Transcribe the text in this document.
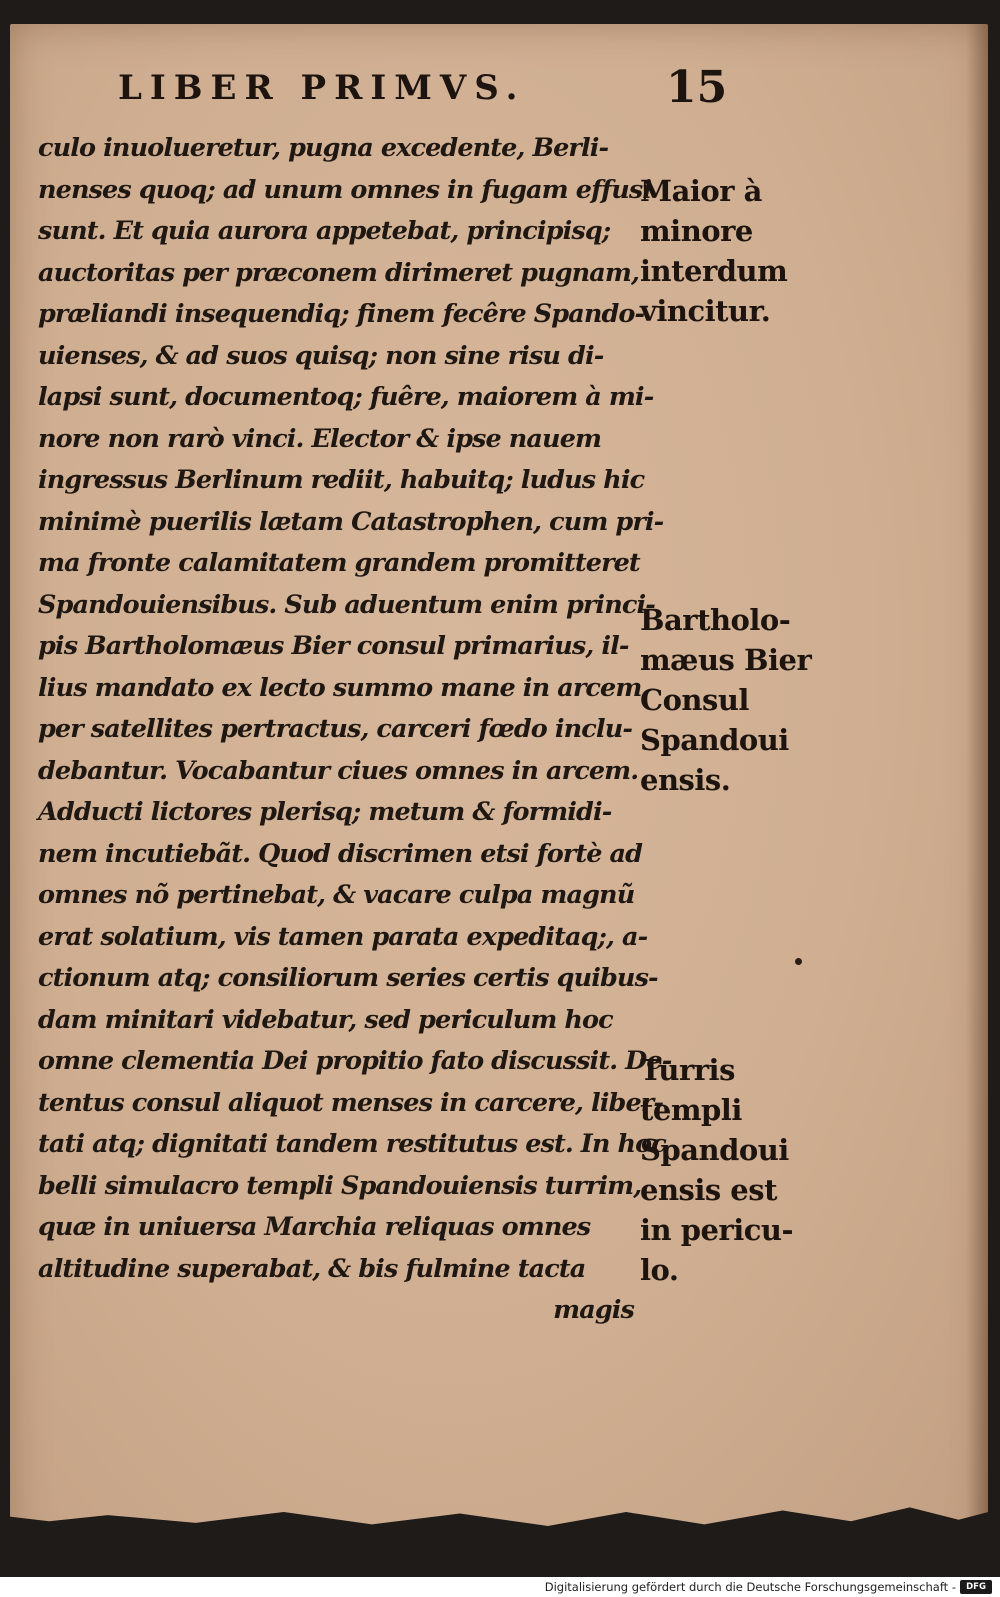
LIBER PRIMVS.	15
culo inuolueretur, pugna excedente, Berli-
nenses quoq; ad unum omnes in fugam effusi
sunt. Et quia aurora appetebat, principisq;
auctoritas per præconem dirimeret pugnam,
præliandi insequendiq; finem fecêre Spando-
uienses, & ad suos quisq; non sine risu di-
lapsi sunt, documentoq; fuêre, maiorem à mi-
nore non rarò vinci. Elector & ipse nauem
ingressus Berlinum rediit, habuitq; ludus hic
minimè puerilis lætam Catastrophen, cum pri-
ma fronte calamitatem grandem promitteret
Spandouiensibus. Sub aduentum enim princi-
pis Bartholomæus Bier consul primarius, il-
lius mandato ex lecto summo mane in arcem
per satellites pertractus, carceri fœdo inclu-
debantur. Vocabantur ciues omnes in arcem.
Adducti lictores plerisq; metum & formidi-
nem incutiebãt. Quod discrimen etsi fortè ad
omnes nõ pertinebat, & vacare culpa magnũ
erat solatium, vis tamen parata expeditaq;, a-
ctionum atq; consiliorum series certis quibus-
dam minitari videbatur, sed periculum hoc
omne clementia Dei propitio fato discussit. De-
tentus consul aliquot menses in carcere, liber-
tati atq; dignitati tandem restitutus est. In hoc
belli simulacro templi Spandouiensis turrim,
quæ in uniuersa Marchia reliquas omnes
altitudine superabat, & bis fulmine tacta
magis
Maior à
minore
interdum
vincitur.
Bartholo-
mæus Bier
Consul
Spandoui
ensis.
Turris
templi
Spandoui
ensis est
in pericu-
lo.
Digitalisierung gefördert durch die Deutsche Forschungsgemeinschaft -	DFG
